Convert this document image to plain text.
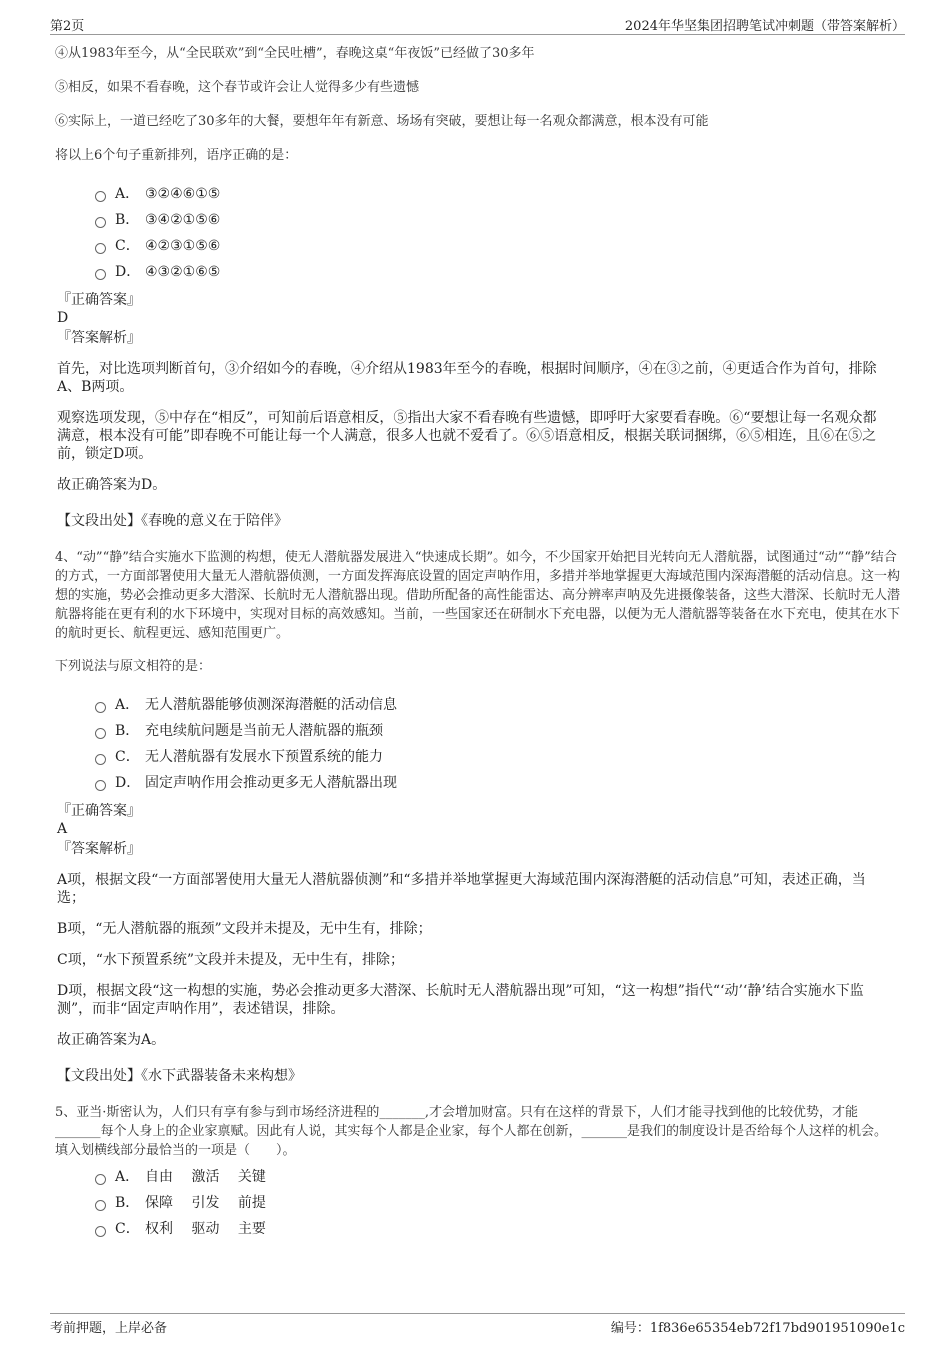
第2页	2024年华坚集团招聘笔试冲刺题（带答案解析）
④从1983年至今，从“全民联欢”到“全民吐槽”，春晚这桌“年夜饭”已经做了30多年
⑤相反，如果不看春晚，这个春节或许会让人觉得多少有些遗憾
⑥实际上，一道已经吃了30多年的大餐，要想年年有新意、场场有突破，要想让每一名观众都满意，根本没有可能
将以上6个句子重新排列，语序正确的是：
A． ③②④⑥①⑤
B． ③④②①⑤⑥
C． ④②③①⑤⑥
D． ④③②①⑥⑤
『正确答案』
D
『答案解析』
首先，对比选项判断首句，③介绍如今的春晚，④介绍从1983年至今的春晚，根据时间顺序，④在③之前，④更适合作为首句，排除A、B两项。
观察选项发现，⑤中存在“相反”，可知前后语意相反，⑤指出大家不看春晚有些遗憾，即呼吁大家要看春晚。⑥“要想让每一名观众都满意，根本没有可能”即春晚不可能让每一个人满意，很多人也就不爱看了。⑥⑤语意相反，根据关联词捆绑，⑥⑤相连，且⑥在⑤之前，锁定D项。
故正确答案为D。
【文段出处】《春晚的意义在于陪伴》
4、“动”“静”结合实施水下监测的构想，使无人潜航器发展进入“快速成长期”。如今，不少国家开始把目光转向无人潜航器，试图通过“动”“静”结合的方式，一方面部署使用大量无人潜航器侦测，一方面发挥海底设置的固定声呐作用，多措并举地掌握更大海域范围内深海潜艇的活动信息。这一构想的实施，势必会推动更多大潜深、长航时无人潜航器出现。借助所配备的高性能雷达、高分辨率声呐及先进摄像装备，这些大潜深、长航时无人潜航器将能在更有利的水下环境中，实现对目标的高效感知。当前，一些国家还在研制水下充电器，以便为无人潜航器等装备在水下充电，使其在水下的航时更长、航程更远、感知范围更广。
下列说法与原文相符的是：
A． 无人潜航器能够侦测深海潜艇的活动信息
B． 充电续航问题是当前无人潜航器的瓶颈
C． 无人潜航器有发展水下预置系统的能力
D． 固定声呐作用会推动更多无人潜航器出现
『正确答案』
A
『答案解析』
A项，根据文段“一方面部署使用大量无人潜航器侦测”和“多措并举地掌握更大海域范围内深海潜艇的活动信息”可知，表述正确，当选；
B项，“无人潜航器的瓶颈”文段并未提及，无中生有，排除；
C项，“水下预置系统”文段并未提及，无中生有，排除；
D项，根据文段“这一构想的实施，势必会推动更多大潜深、长航时无人潜航器出现”可知，“这一构想”指代“‘动’‘静’结合实施水下监测”，而非“固定声呐作用”，表述错误，排除。
故正确答案为A。
【文段出处】《水下武器装备未来构想》
5、亚当·斯密认为，人们只有享有参与到市场经济进程的_______,才会增加财富。只有在这样的背景下，人们才能寻找到他的比较优势，才能_______每个人身上的企业家禀赋。因此有人说，其实每个人都是企业家，每个人都在创新，_______是我们的制度设计是否给每个人这样的机会。
填入划横线部分最恰当的一项是（　　）。
A． 自由　 激活　 关键
B． 保障　 引发　 前提
C． 权利　 驱动　 主要
考前押题，上岸必备	编号：1f836e65354eb72f17bd901951090e1c
